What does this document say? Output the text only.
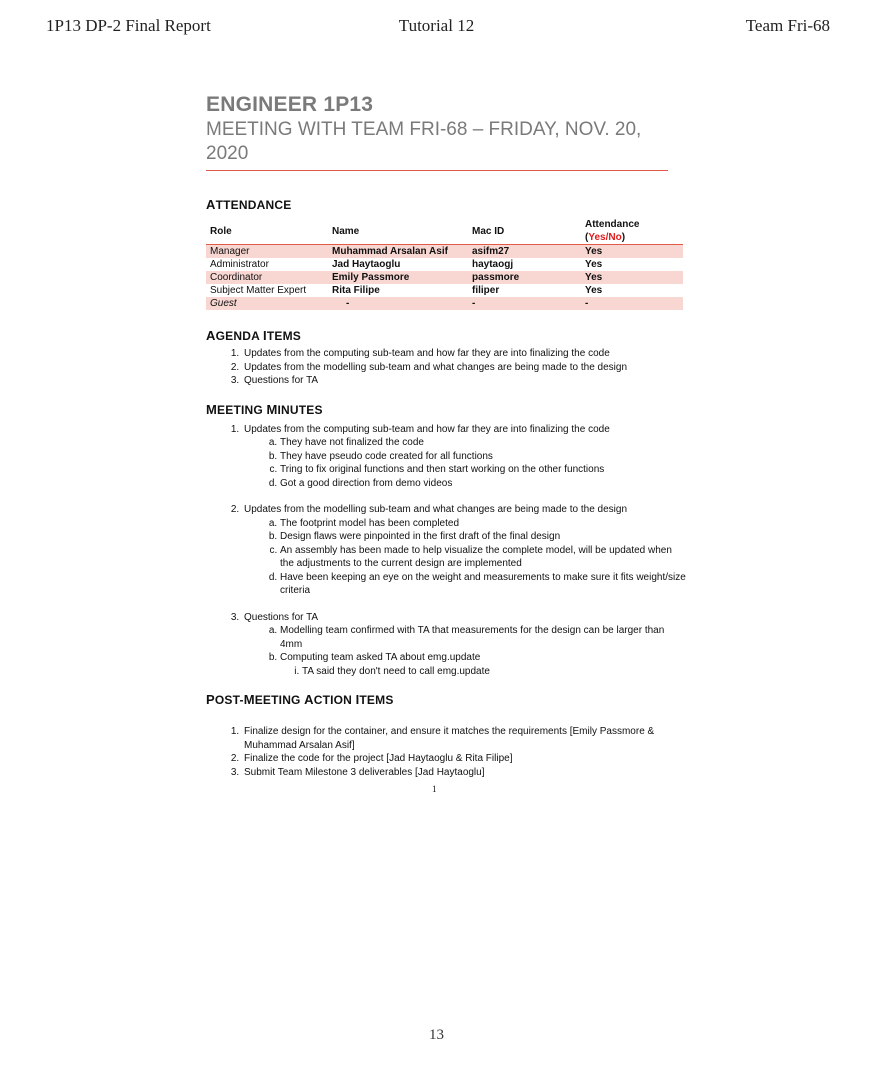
1P13 DP-2 Final Report	Tutorial 12	Team Fri-68
ENGINEER 1P13
MEETING WITH TEAM FRI-68 – FRIDAY, NOV. 20, 2020
ATTENDANCE
Role	Name	Mac ID	Attendance (Yes/No)
Manager	Muhammad Arsalan Asif	asifm27	Yes
Administrator	Jad Haytaoglu	haytaogj	Yes
Coordinator	Emily Passmore	passmore	Yes
Subject Matter Expert	Rita Filipe	filiper	Yes
Guest	-	-	-
AGENDA ITEMS
1. Updates from the computing sub-team and how far they are into finalizing the code
2. Updates from the modelling sub-team and what changes are being made to the design
3. Questions for TA
MEETING MINUTES
1. Updates from the computing sub-team and how far they are into finalizing the code
a. They have not finalized the code
b. They have pseudo code created for all functions
c. Tring to fix original functions and then start working on the other functions
d. Got a good direction from demo videos
2. Updates from the modelling sub-team and what changes are being made to the design
a. The footprint model has been completed
b. Design flaws were pinpointed in the first draft of the final design
c. An assembly has been made to help visualize the complete model, will be updated when the adjustments to the current design are implemented
d. Have been keeping an eye on the weight and measurements to make sure it fits weight/size criteria
3. Questions for TA
a. Modelling team confirmed with TA that measurements for the design can be larger than 4mm
b. Computing team asked TA about emg.update
i. TA said they don't need to call emg.update
POST-MEETING ACTION ITEMS
1. Finalize design for the container, and ensure it matches the requirements [Emily Passmore & Muhammad Arsalan Asif]
2. Finalize the code for the project [Jad Haytaoglu & Rita Filipe]
3. Submit Team Milestone 3 deliverables [Jad Haytaoglu]
1
13
